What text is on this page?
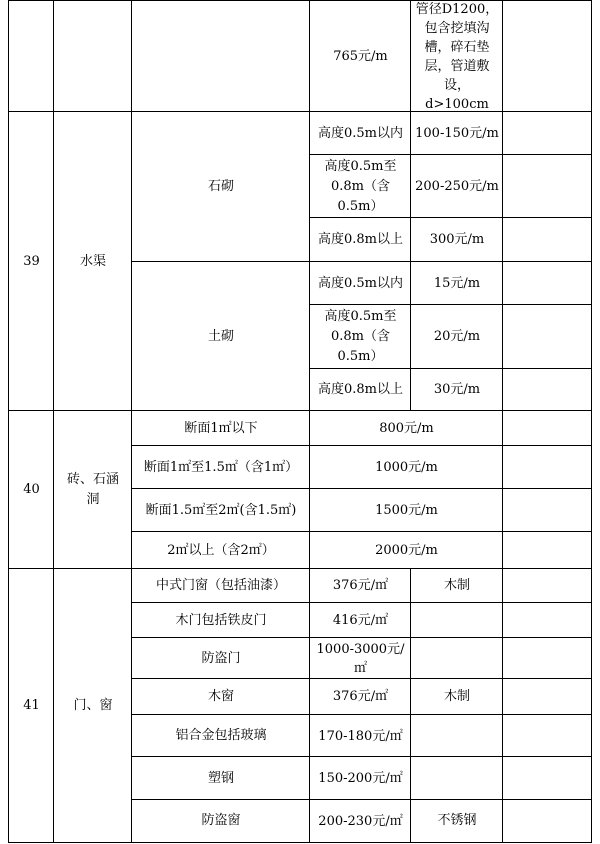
765元/m
管径D1200，包含挖填沟槽，碎石垫层，管道敷设，d>100cm
39	水渠
石砌
土砌
高度0.5m以内
高度0.5m至0.8m（含0.5m）
高度0.8m以上
高度0.5m以内
高度0.5m至0.8m（含0.5m）
高度0.8m以上
100-150元/m
200-250元/m
300元/m
15元/m
20元/m
30元/m
40
砖、石涵洞
断面1㎡以下
断面1㎡至1.5㎡（含1㎡）
断面1.5㎡至2㎡(含1.5㎡)
2㎡以上（含2㎡）
800元/m
1000元/m
1500元/m
2000元/m
41	门、窗
中式门窗（包括油漆）
木门包括铁皮门
防盗门
木窗
铝合金包括玻璃
塑钢
防盗窗
376元/㎡
416元/㎡
1000-3000元/㎡
376元/㎡
170-180元/㎡
150-200元/㎡
200-230元/㎡
木制
木制
不锈钢
